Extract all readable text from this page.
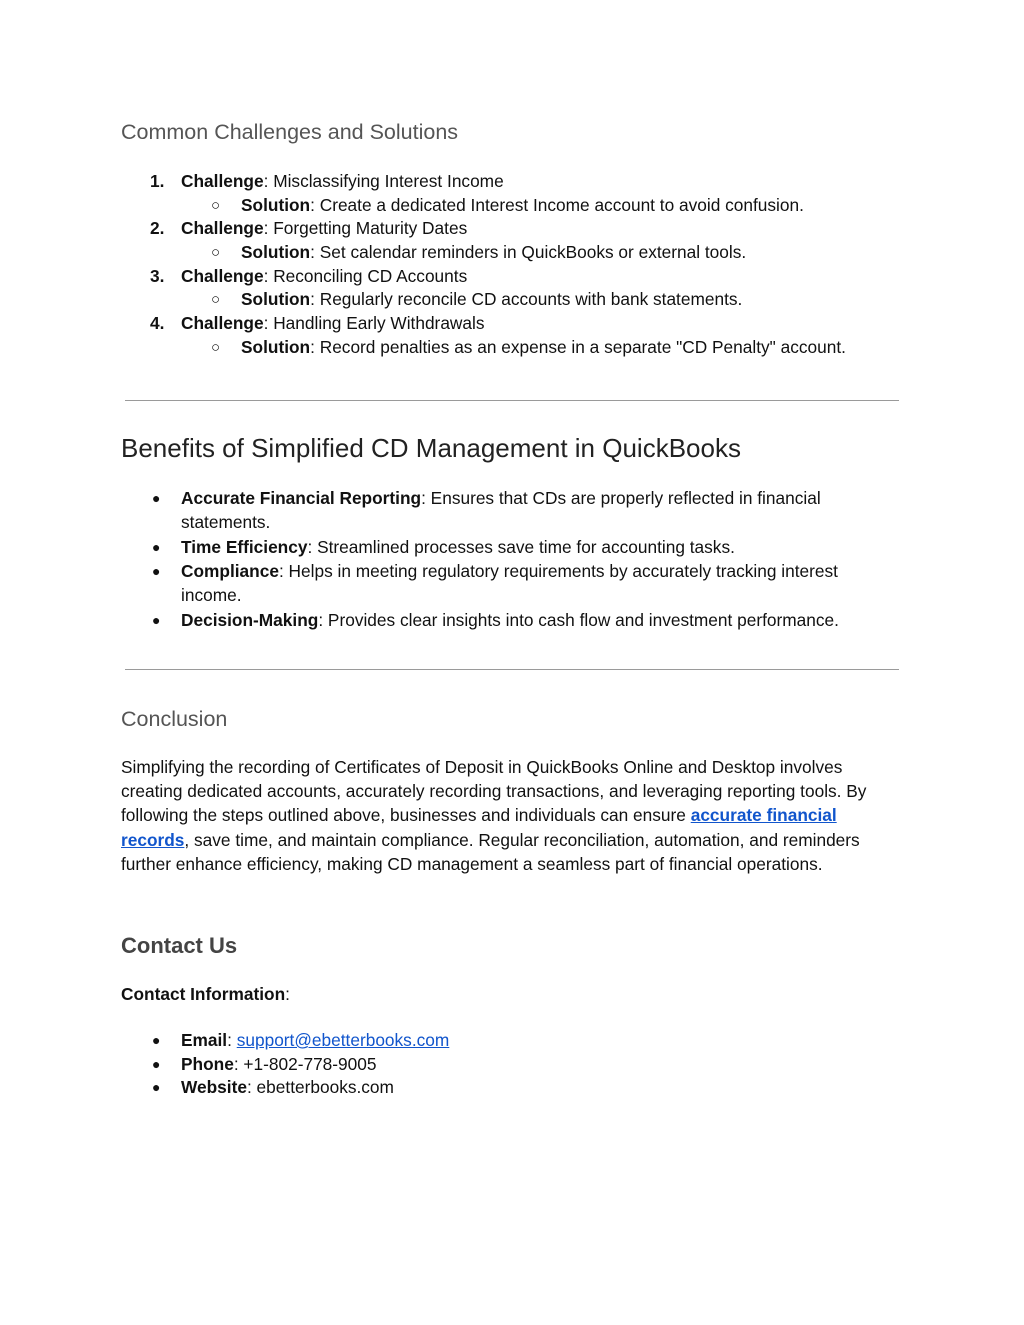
Common Challenges and Solutions
1. Challenge: Misclassifying Interest Income
○ Solution: Create a dedicated Interest Income account to avoid confusion.
2. Challenge: Forgetting Maturity Dates
○ Solution: Set calendar reminders in QuickBooks or external tools.
3. Challenge: Reconciling CD Accounts
○ Solution: Regularly reconcile CD accounts with bank statements.
4. Challenge: Handling Early Withdrawals
○ Solution: Record penalties as an expense in a separate "CD Penalty" account.
Benefits of Simplified CD Management in QuickBooks
● Accurate Financial Reporting: Ensures that CDs are properly reflected in financial statements.
● Time Efficiency: Streamlined processes save time for accounting tasks.
● Compliance: Helps in meeting regulatory requirements by accurately tracking interest income.
● Decision-Making: Provides clear insights into cash flow and investment performance.
Conclusion

Simplifying the recording of Certificates of Deposit in QuickBooks Online and Desktop involves creating dedicated accounts, accurately recording transactions, and leveraging reporting tools. By following the steps outlined above, businesses and individuals can ensure accurate financial records, save time, and maintain compliance. Regular reconciliation, automation, and reminders further enhance efficiency, making CD management a seamless part of financial operations.

Contact Us

Contact Information:

● Email: support@ebetterbooks.com
● Phone: +1-802-778-9005
● Website: ebetterbooks.com
